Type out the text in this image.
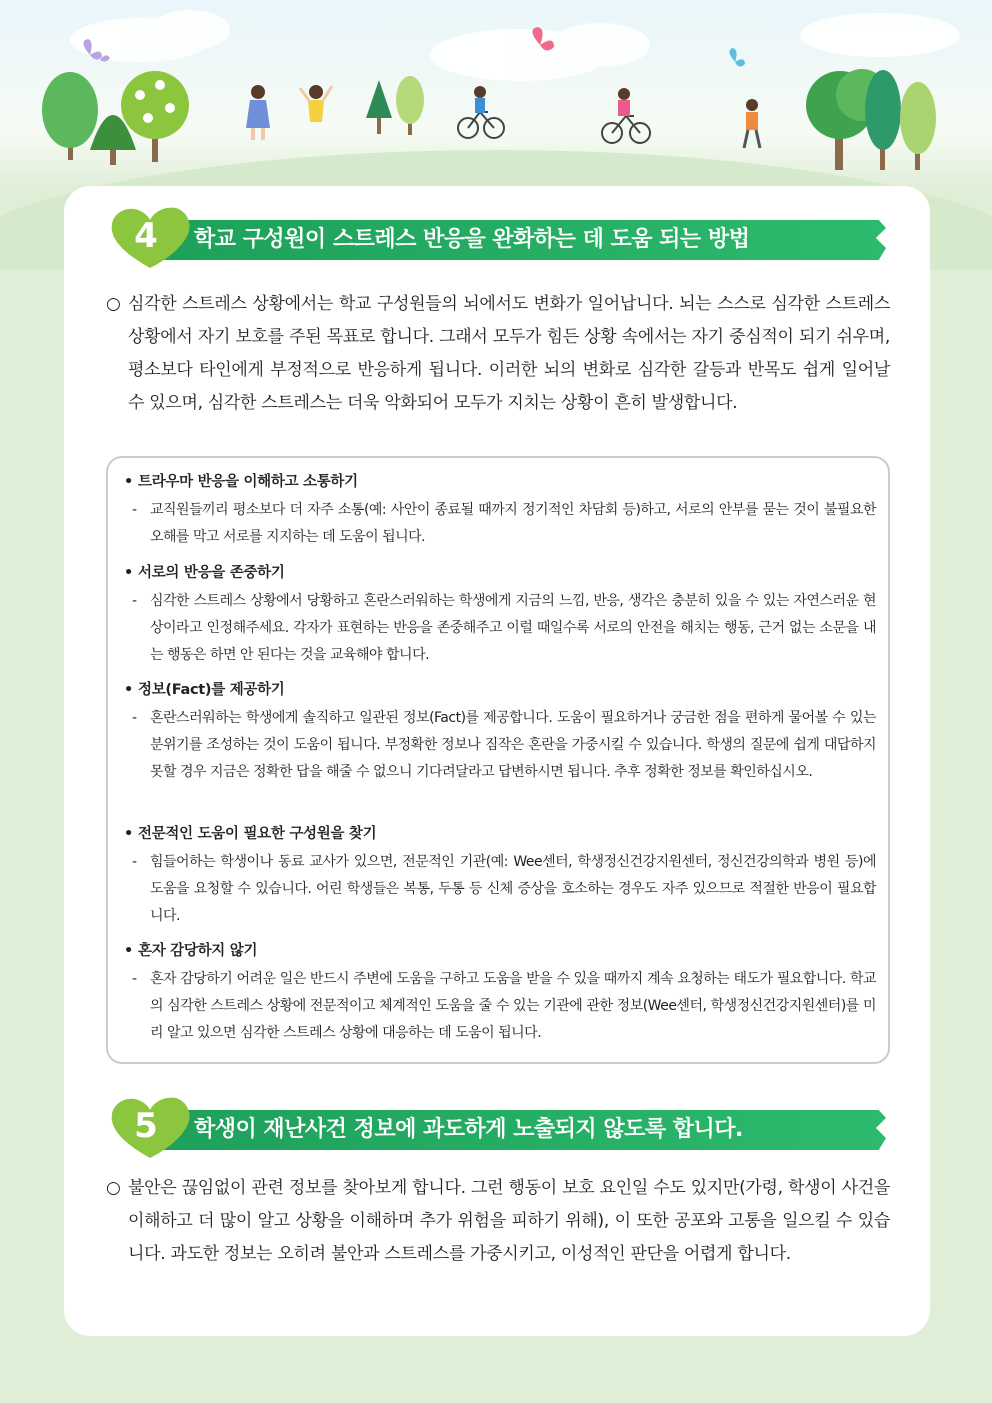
4	학교 구성원이 스트레스 반응을 완화하는 데 도움 되는 방법
○ 심각한 스트레스 상황에서는 학교 구성원들의 뇌에서도 변화가 일어납니다. 뇌는 스스로 심각한 스트레스 상황에서 자기 보호를 주된 목표로 합니다. 그래서 모두가 힘든 상황 속에서는 자기 중심적이 되기 쉬우며, 평소보다 타인에게 부정적으로 반응하게 됩니다. 이러한 뇌의 변화로 심각한 갈등과 반목도 쉽게 일어날 수 있으며, 심각한 스트레스는 더욱 악화되어 모두가 지치는 상황이 흔히 발생합니다.
• 트라우마 반응을 이해하고 소통하기
- 교직원들끼리 평소보다 더 자주 소통(예: 사안이 종료될 때까지 정기적인 차담회 등)하고, 서로의 안부를 묻는 것이 불필요한 오해를 막고 서로를 지지하는 데 도움이 됩니다.
• 서로의 반응을 존중하기
- 심각한 스트레스 상황에서 당황하고 혼란스러워하는 학생에게 지금의 느낌, 반응, 생각은 충분히 있을 수 있는 자연스러운 현상이라고 인정해주세요. 각자가 표현하는 반응을 존중해주고 이럴 때일수록 서로의 안전을 해치는 행동, 근거 없는 소문을 내는 행동은 하면 안 된다는 것을 교육해야 합니다.
• 정보(Fact)를 제공하기
- 혼란스러워하는 학생에게 솔직하고 일관된 정보(Fact)를 제공합니다. 도움이 필요하거나 궁금한 점을 편하게 물어볼 수 있는 분위기를 조성하는 것이 도움이 됩니다. 부정확한 정보나 짐작은 혼란을 가중시킬 수 있습니다. 학생의 질문에 쉽게 대답하지 못할 경우 지금은 정확한 답을 해줄 수 없으니 기다려달라고 답변하시면 됩니다. 추후 정확한 정보를 확인하십시오.
• 전문적인 도움이 필요한 구성원을 찾기
- 힘들어하는 학생이나 동료 교사가 있으면, 전문적인 기관(예: Wee센터, 학생정신건강지원센터, 정신건강의학과 병원 등)에 도움을 요청할 수 있습니다. 어린 학생들은 복통, 두통 등 신체 증상을 호소하는 경우도 자주 있으므로 적절한 반응이 필요합니다.
• 혼자 감당하지 않기
- 혼자 감당하기 어려운 일은 반드시 주변에 도움을 구하고 도움을 받을 수 있을 때까지 계속 요청하는 태도가 필요합니다. 학교의 심각한 스트레스 상황에 전문적이고 체계적인 도움을 줄 수 있는 기관에 관한 정보(Wee센터, 학생정신건강지원센터)를 미리 알고 있으면 심각한 스트레스 상황에 대응하는 데 도움이 됩니다.
5	학생이 재난사건 정보에 과도하게 노출되지 않도록 합니다.
○ 불안은 끊임없이 관련 정보를 찾아보게 합니다. 그런 행동이 보호 요인일 수도 있지만(가령, 학생이 사건을 이해하고 더 많이 알고 상황을 이해하며 추가 위험을 피하기 위해), 이 또한 공포와 고통을 일으킬 수 있습니다. 과도한 정보는 오히려 불안과 스트레스를 가중시키고, 이성적인 판단을 어렵게 합니다.
